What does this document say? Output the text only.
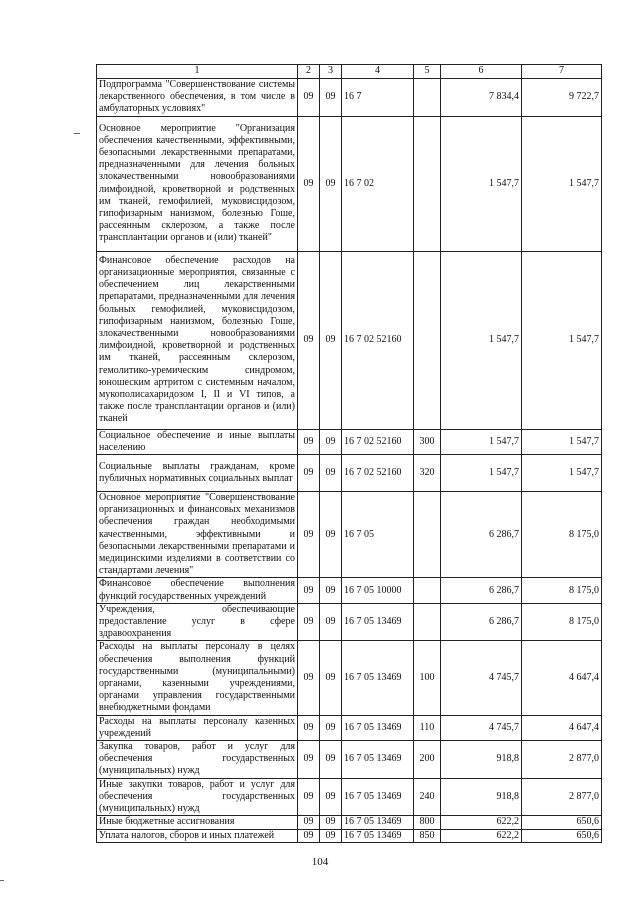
1	2	3	4	5	6	7
Подпрограмма "Совершенствование системы лекарственного обеспечения, в том числе в амбулаторных условиях"	09	09	16 7		7 834,4	9 722,7
Основное мероприятие "Организация обеспечения качественными, эффективными, безопасными лекарственными препаратами, предназначенными для лечения больных злокачественными новообразованиями лимфоидной, кроветворной и родственных им тканей, гемофилией, муковисцидозом, гипофизарным нанизмом, болезнью Гоше, рассеянным склерозом, а также после трансплантации органов и (или) тканей"	09	09	16 7 02		1 547,7	1 547,7
Финансовое обеспечение расходов на организационные мероприятия, связанные с обеспечением лиц лекарственными препаратами, предназначенными для лечения больных гемофилией, муковисцидозом, гипофизарным нанизмом, болезнью Гоше, злокачественными новообразованиями лимфоидной, кроветворной и родственных им тканей, рассеянным склерозом, гемолитико-уремическим синдромом, юношеским артритом с системным началом, мукополисахаридозом I, II и VI типов, а также после трансплантации органов и (или) тканей	09	09	16 7 02 52160		1 547,7	1 547,7
Социальное обеспечение и иные выплаты населению	09	09	16 7 02 52160	300	1 547,7	1 547,7
Социальные выплаты гражданам, кроме публичных нормативных социальных выплат	09	09	16 7 02 52160	320	1 547,7	1 547,7
Основное мероприятие "Совершенствование организационных и финансовых механизмов обеспечения граждан необходимыми качественными, эффективными и безопасными лекарственными препаратами и медицинскими изделиями в соответствии со стандартами лечения"	09	09	16 7 05		6 286,7	8 175,0
Финансовое обеспечение выполнения функций государственных учреждений	09	09	16 7 05 10000		6 286,7	8 175,0
Учреждения, обеспечивающие предоставление услуг в сфере здравоохранения	09	09	16 7 05 13469		6 286,7	8 175,0
Расходы на выплаты персоналу в целях обеспечения выполнения функций государственными (муниципальными) органами, казенными учреждениями, органами управления государственными внебюджетными фондами	09	09	16 7 05 13469	100	4 745,7	4 647,4
Расходы на выплаты персоналу казенных учреждений	09	09	16 7 05 13469	110	4 745,7	4 647,4
Закупка товаров, работ и услуг для обеспечения государственных (муниципальных) нужд	09	09	16 7 05 13469	200	918,8	2 877,0
Иные закупки товаров, работ и услуг для обеспечения государственных (муниципальных) нужд	09	09	16 7 05 13469	240	918,8	2 877,0
Иные бюджетные ассигнования	09	09	16 7 05 13469	800	622,2	650,6
Уплата налогов, сборов и иных платежей	09	09	16 7 05 13469	850	622,2	650,6
104
